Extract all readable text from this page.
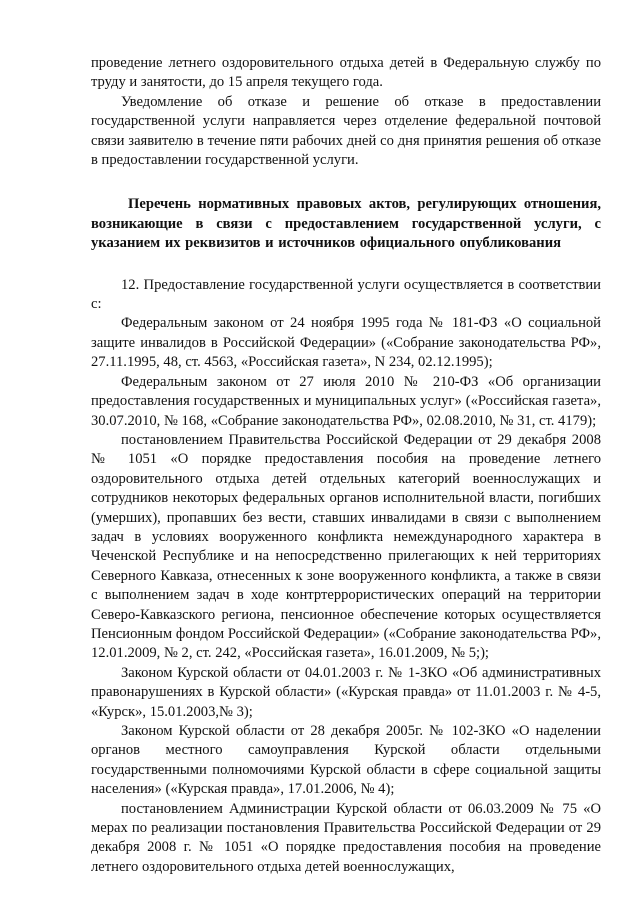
проведение летнего оздоровительного отдыха детей в Федеральную службу по труду и занятости, до 15 апреля текущего года.

Уведомление об отказе и решение об отказе в предоставлении государственной услуги направляется через отделение федеральной почтовой связи заявителю в течение пяти рабочих дней со дня принятия решения об отказе в предоставлении государственной услуги.

Перечень нормативных правовых актов, регулирующих отношения, возникающие в связи с предоставлением государственной услуги, с указанием их реквизитов и источников официального опубликования

12. Предоставление государственной услуги осуществляется в соответствии с:

Федеральным законом от 24 ноября 1995 года № 181-ФЗ «О социальной защите инвалидов в Российской Федерации» («Собрание законодательства РФ», 27.11.1995, 48, ст. 4563, «Российская газета», N 234, 02.12.1995);

Федеральным законом от 27 июля 2010 № 210-ФЗ «Об организации предоставления государственных и муниципальных услуг» («Российская газета», 30.07.2010, № 168, «Собрание законодательства РФ», 02.08.2010, № 31, ст. 4179);

постановлением Правительства Российской Федерации от 29 декабря 2008 № 1051 «О порядке предоставления пособия на проведение летнего оздоровительного отдыха детей отдельных категорий военнослужащих и сотрудников некоторых федеральных органов исполнительной власти, погибших (умерших), пропавших без вести, ставших инвалидами в связи с выполнением задач в условиях вооруженного конфликта немеждународного характера в Чеченской Республике и на непосредственно прилегающих к ней территориях Северного Кавказа, отнесенных к зоне вооруженного конфликта, а также в связи с выполнением задач в ходе контртеррористических операций на территории Северо-Кавказского региона, пенсионное обеспечение которых осуществляется Пенсионным фондом Российской Федерации» («Собрание законодательства РФ», 12.01.2009, № 2, ст. 242, «Российская газета», 16.01.2009, № 5;);

Законом Курской области от 04.01.2003 г. № 1-ЗКО «Об административных правонарушениях в Курской области» («Курская правда» от 11.01.2003 г. № 4-5, «Курск», 15.01.2003,№ 3);

Законом Курской области от 28 декабря 2005г. № 102-ЗКО «О наделении органов местного самоуправления Курской области отдельными государственными полномочиями Курской области в сфере социальной защиты населения» («Курская правда», 17.01.2006, № 4);

постановлением Администрации Курской области от 06.03.2009 № 75 «О мерах по реализации постановления Правительства Российской Федерации от 29 декабря 2008 г. № 1051 «О порядке предоставления пособия на проведение летнего оздоровительного отдыха детей военнослужащих,
